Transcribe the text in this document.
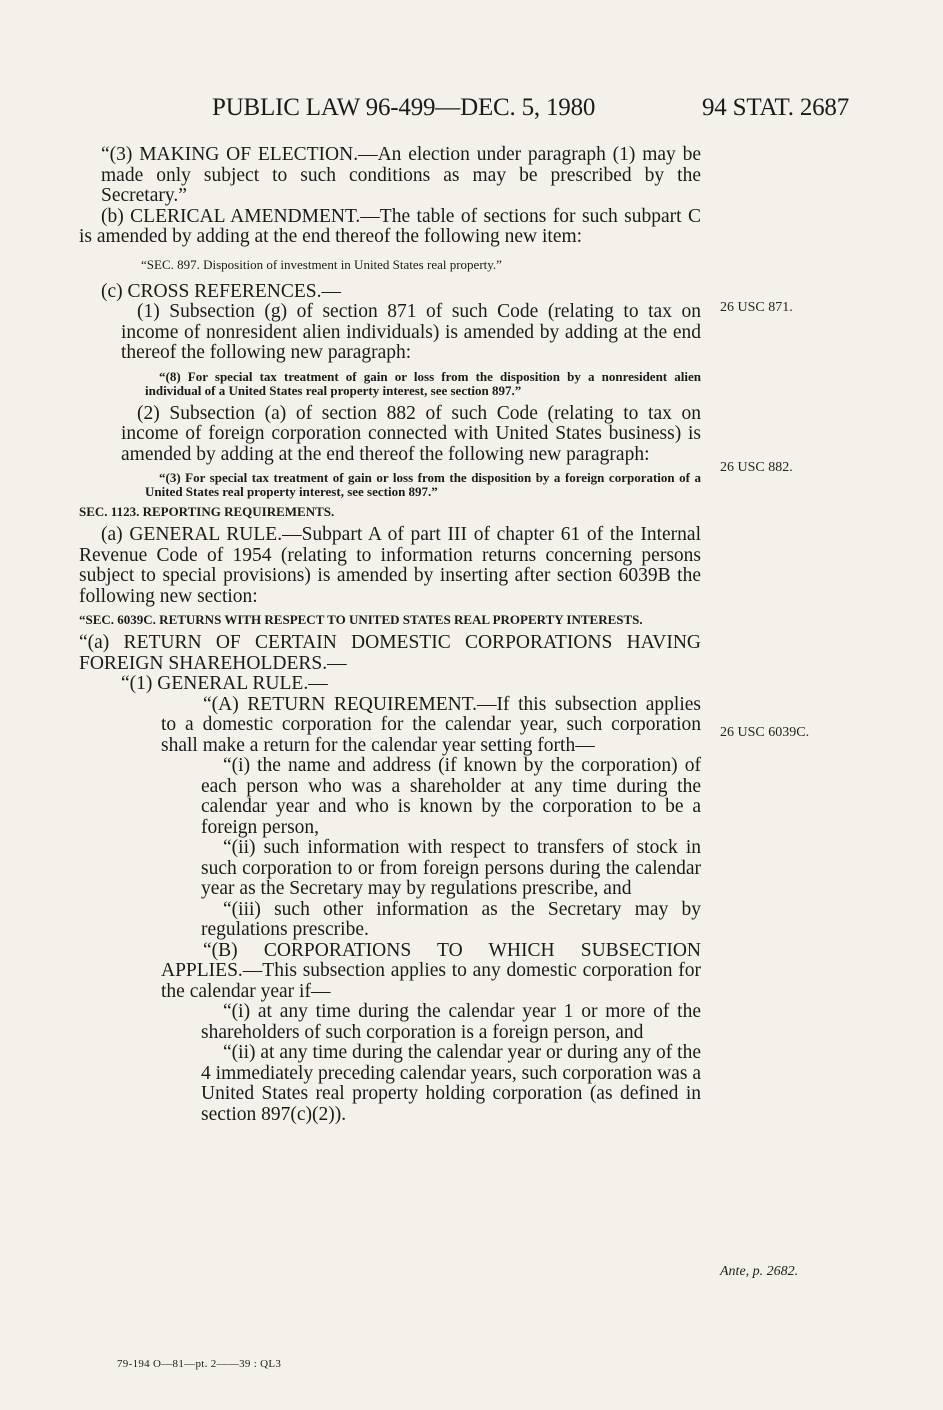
PUBLIC LAW 96-499—DEC. 5, 1980	94 STAT. 2687

“(3) MAKING OF ELECTION.—An election under paragraph (1) may be made only subject to such conditions as may be prescribed by the Secretary.”

(b) CLERICAL AMENDMENT.—The table of sections for such subpart C is amended by adding at the end thereof the following new item:

“SEC. 897. Disposition of investment in United States real property.”

(c) CROSS REFERENCES.—

(1) Subsection (g) of section 871 of such Code (relating to tax on income of nonresident alien individuals) is amended by adding at the end thereof the following new paragraph:

“(8) For special tax treatment of gain or loss from the disposition by a nonresident alien individual of a United States real property interest, see section 897.”

(2) Subsection (a) of section 882 of such Code (relating to tax on income of foreign corporation connected with United States business) is amended by adding at the end thereof the following new paragraph:

“(3) For special tax treatment of gain or loss from the disposition by a foreign corporation of a United States real property interest, see section 897.”

SEC. 1123. REPORTING REQUIREMENTS.

(a) GENERAL RULE.—Subpart A of part III of chapter 61 of the Internal Revenue Code of 1954 (relating to information returns concerning persons subject to special provisions) is amended by inserting after section 6039B the following new section:

“SEC. 6039C. RETURNS WITH RESPECT TO UNITED STATES REAL PROPERTY INTERESTS.

“(a) RETURN OF CERTAIN DOMESTIC CORPORATIONS HAVING FOREIGN SHAREHOLDERS.—

“(1) GENERAL RULE.—

“(A) RETURN REQUIREMENT.—If this subsection applies to a domestic corporation for the calendar year, such corporation shall make a return for the calendar year setting forth—

“(i) the name and address (if known by the corporation) of each person who was a shareholder at any time during the calendar year and who is known by the corporation to be a foreign person,

“(ii) such information with respect to transfers of stock in such corporation to or from foreign persons during the calendar year as the Secretary may by regulations prescribe, and

“(iii) such other information as the Secretary may by regulations prescribe.

“(B) CORPORATIONS TO WHICH SUBSECTION APPLIES.—This subsection applies to any domestic corporation for the calendar year if—

“(i) at any time during the calendar year 1 or more of the shareholders of such corporation is a foreign person, and

“(ii) at any time during the calendar year or during any of the 4 immediately preceding calendar years, such corporation was a United States real property holding corporation (as defined in section 897(c)(2)).

26 USC 871.
26 USC 882.
26 USC 6039C.
Ante, p. 2682.
79-194 O—81—pt. 2——39 : QL3
